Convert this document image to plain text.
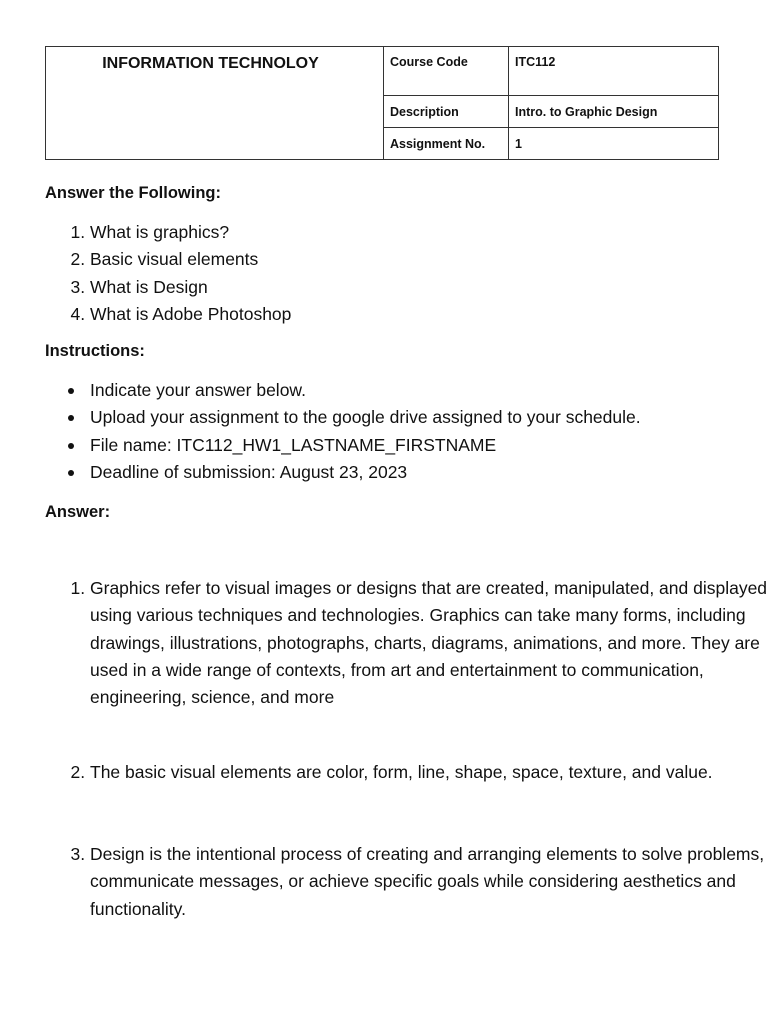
INFORMATION TECHNOLOY	Course Code	ITC112
	Description	Intro. to Graphic Design
	Assignment No.	1
Answer the Following:
1. What is graphics?
2. Basic visual elements
3. What is Design
4. What is Adobe Photoshop
Instructions:
Indicate your answer below.
Upload your assignment to the google drive assigned to your schedule.
File name: ITC112_HW1_LASTNAME_FIRSTNAME
Deadline of submission: August 23, 2023
Answer:
1. Graphics refer to visual images or designs that are created, manipulated, and displayed using various techniques and technologies. Graphics can take many forms, including drawings, illustrations, photographs, charts, diagrams, animations, and more. They are used in a wide range of contexts, from art and entertainment to communication, engineering, science, and more
2. The basic visual elements are color, form, line, shape, space, texture, and value.
3. Design is the intentional process of creating and arranging elements to solve problems, communicate messages, or achieve specific goals while considering aesthetics and functionality.
